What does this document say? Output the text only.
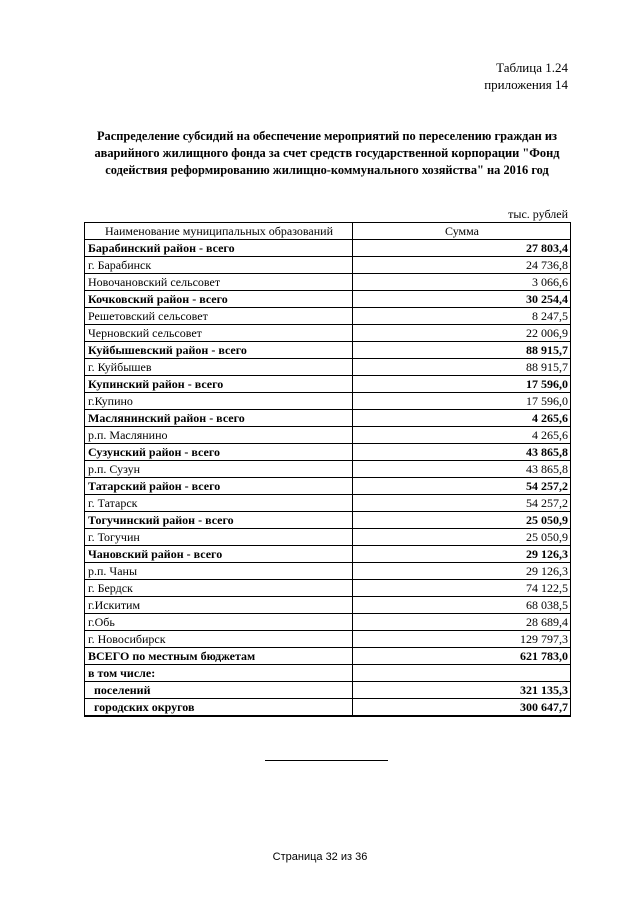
Таблица 1.24
приложения 14
Распределение субсидий на обеспечение мероприятий по переселению граждан из аварийного жилищного фонда за счет средств государственной корпорации "Фонд содействия реформированию жилищно-коммунального хозяйства" на 2016 год
тыс. рублей
Наименование муниципальных образований	Сумма
Барабинский район - всего	27 803,4
г. Барабинск	24 736,8
Новочановский сельсовет	3 066,6
Кочковский район - всего	30 254,4
Решетовский сельсовет	8 247,5
Черновский сельсовет	22 006,9
Куйбышевский район - всего	88 915,7
г. Куйбышев	88 915,7
Купинский район - всего	17 596,0
г.Купино	17 596,0
Маслянинский район - всего	4 265,6
р.п. Маслянино	4 265,6
Сузунский район - всего	43 865,8
р.п. Сузун	43 865,8
Татарский район - всего	54 257,2
г. Татарск	54 257,2
Тогучинский район - всего	25 050,9
г. Тогучин	25 050,9
Чановский район - всего	29 126,3
р.п. Чаны	29 126,3
г. Бердск	74 122,5
г.Искитим	68 038,5
г.Обь	28 689,4
г. Новосибирск	129 797,3
ВСЕГО по местным бюджетам	621 783,0
в том числе:	
поселений	321 135,3
городских округов	300 647,7
Страница 32 из 36
